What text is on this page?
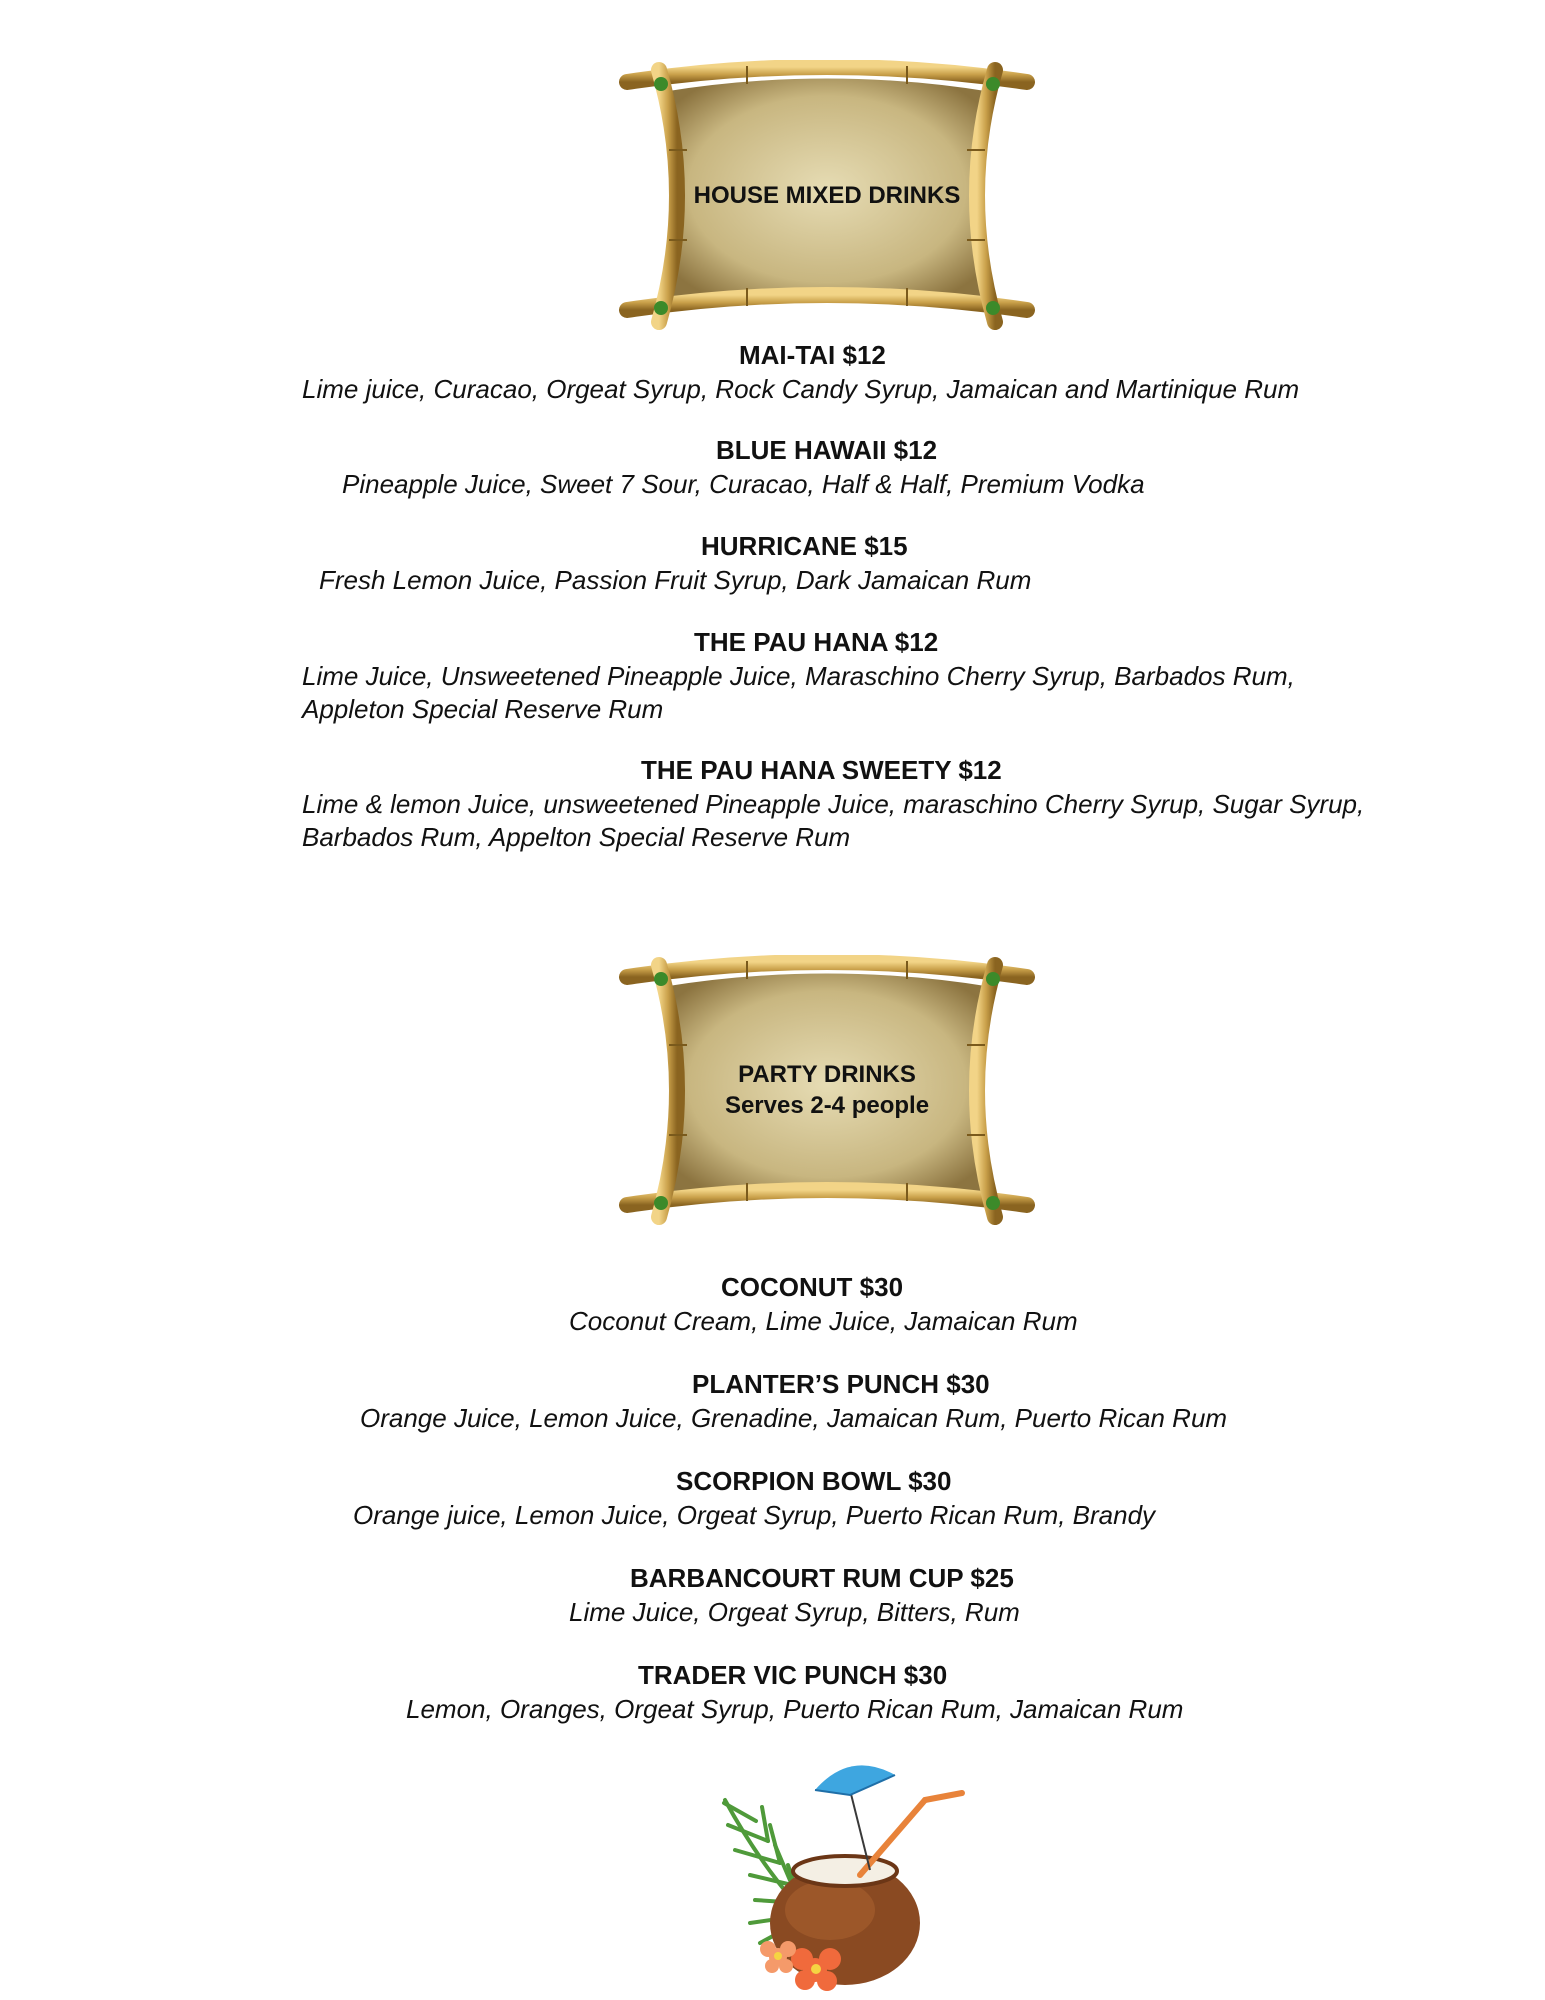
HOUSE MIXED DRINKS
MAI-TAI $12
Lime juice, Curacao, Orgeat Syrup, Rock Candy Syrup, Jamaican and Martinique Rum
BLUE HAWAII $12
Pineapple Juice, Sweet 7 Sour, Curacao, Half & Half, Premium Vodka
HURRICANE $15
Fresh Lemon Juice, Passion Fruit Syrup, Dark Jamaican Rum
THE PAU HANA $12
Lime Juice, Unsweetened Pineapple Juice, Maraschino Cherry Syrup, Barbados Rum,
Appleton Special Reserve Rum
THE PAU HANA SWEETY $12
Lime & lemon Juice, unsweetened Pineapple Juice, maraschino Cherry Syrup, Sugar Syrup,
Barbados Rum, Appelton Special Reserve Rum
PARTY DRINKS
Serves 2-4 people
COCONUT $30
Coconut Cream, Lime Juice, Jamaican Rum
PLANTER’S PUNCH $30
Orange Juice, Lemon Juice, Grenadine, Jamaican Rum, Puerto Rican Rum
SCORPION BOWL $30
Orange juice, Lemon Juice, Orgeat Syrup, Puerto Rican Rum, Brandy
BARBANCOURT RUM CUP $25
Lime Juice, Orgeat Syrup, Bitters, Rum
TRADER VIC PUNCH $30
Lemon, Oranges, Orgeat Syrup, Puerto Rican Rum, Jamaican Rum
